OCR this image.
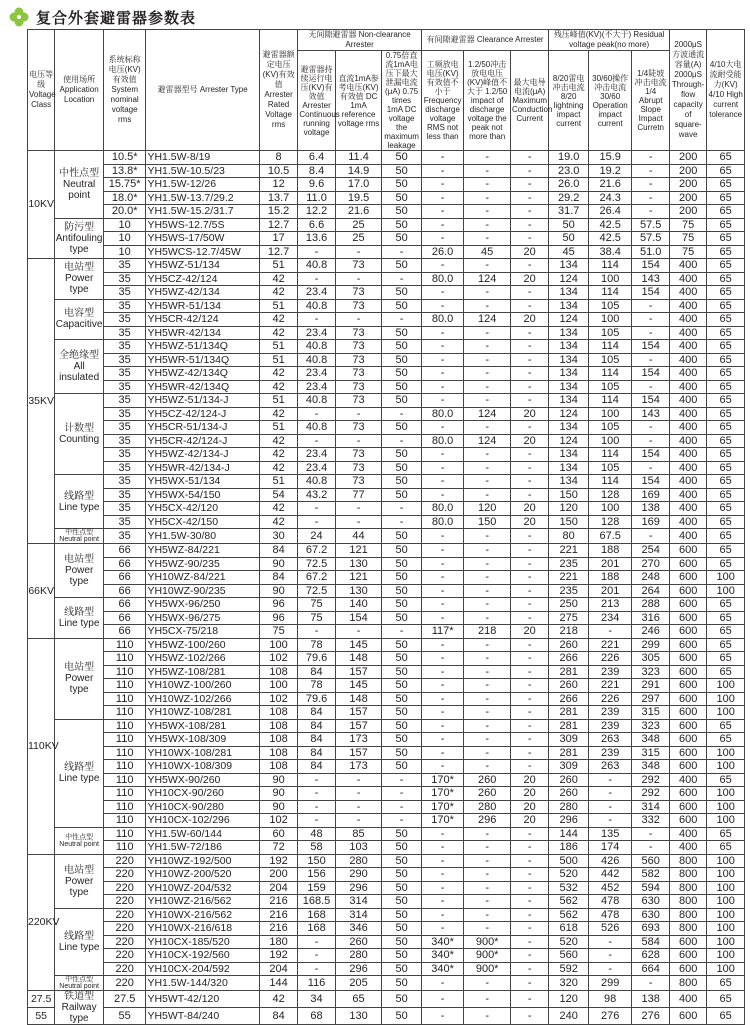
复合外套避雷器参数表
电压等级 Voltage Class	使用场所 Application Location	系统标称电压(KV)有效值 System nominal voltage rms	避雷器型号 Arrester Type	避雷器额定电压(KV)有效值 Arrester Rated Voltage rms	无间隙避雷器 Non-clearance Arrester			有间隙避雷器 Clearance Arrester			残压峰值(KV)(不大于) Residual voltage peak(no more)			2000μS方波通流容量(A) 2000μS Through-flow capacity of square-wave	4/10大电流耐受能力(KV) 4/10 High current tolerance
					避雷器持续运行电压(KV)有效值 Arrester Continuous running voltage	直流1mA参考电压(KV)有效值 DC 1mA reference voltage rms	0.75倍直流1mA电压下最大泄漏电流(μA) 0.75 times 1mA DC voltage the maximum leakage	工频放电电压(KV)有效值不小于 Frequency discharge voltage RMS not less than	1.2/50冲击放电电压(KV)峰值不大于 1.2/50 impact of discharge voltage the peak not more than	最大电导电流(μA) Maximum Conduction Current	8/20雷电冲击电流 8/20 lightning impact current	30/60操作冲击电流 30/60 Operation impact current	1/4陡坡冲击电流 1/4 Abrupt Slope Impact Curretn		
10KV	中性点型 Neutral point	10.5*	YH1.5W-8/19	8	6.4	11.4	50	-	-	-	19.0	15.9	-	200	65
		13.8*	YH1.5W-10.5/23	10.5	8.4	14.9	50	-	-	-	23.0	19.2	-	200	65
		15.75*	YH1.5W-12/26	12	9.6	17.0	50	-	-	-	26.0	21.6	-	200	65
		18.0*	YH1.5W-13.7/29.2	13.7	11.0	19.5	50	-	-	-	29.2	24.3	-	200	65
		20.0*	YH1.5W-15.2/31.7	15.2	12.2	21.6	50	-	-	-	31.7	26.4	-	200	65
	防污型 Antifouling type	10	YH5WS-12.7/5S	12.7	6.6	25	50	-	-	-	50	42.5	57.5	75	65
		10	YH5WS-17/50W	17	13.6	25	50	-	-	-	50	42.5	57.5	75	65
		10	YH5WCS-12.7/45W	12.7	-	-	-	26.0	45	20	45	38.4	51.0	75	65
35KV	电站型 Power type	35	YH5WZ-51/134	51	40.8	73	50	-	-	-	134	114	154	400	65
		35	YH5CZ-42/124	42	-	-	-	80.0	124	20	124	100	143	400	65
		35	YH5WZ-42/134	42	23.4	73	50	-	-	-	134	114	154	400	65
	电容型 Capacitive	35	YH5WR-51/134	51	40.8	73	50	-	-	-	134	105	-	400	65
		35	YH5CR-42/124	42	-	-	-	80.0	124	20	124	100	-	400	65
		35	YH5WR-42/134	42	23.4	73	50	-	-	-	134	105	-	400	65
	全绝缘型 All insulated	35	YH5WZ-51/134Q	51	40.8	73	50	-	-	-	134	114	154	400	65
		35	YH5WR-51/134Q	51	40.8	73	50	-	-	-	134	105	-	400	65
		35	YH5WZ-42/134Q	42	23.4	73	50	-	-	-	134	114	154	400	65
		35	YH5WR-42/134Q	42	23.4	73	50	-	-	-	134	105	-	400	65
	计数型 Counting	35	YH5WZ-51/134-J	51	40.8	73	50	-	-	-	134	114	154	400	65
		35	YH5CZ-42/124-J	42	-	-	-	80.0	124	20	124	100	143	400	65
		35	YH5CR-51/134-J	51	40.8	73	50	-	-	-	134	105	-	400	65
		35	YH5CR-42/124-J	42	-	-	-	80.0	124	20	124	100	-	400	65
		35	YH5WZ-42/134-J	42	23.4	73	50	-	-	-	134	114	154	400	65
		35	YH5WR-42/134-J	42	23.4	73	50	-	-	-	134	105	-	400	65
	线路型 Line type	35	YH5WX-51/134	51	40.8	73	50	-	-	-	134	114	154	400	65
		35	YH5WX-54/150	54	43.2	77	50	-	-	-	150	128	169	400	65
		35	YH5CX-42/120	42	-	-	-	80.0	120	20	120	100	138	400	65
		35	YH5CX-42/150	42	-	-	-	80.0	150	20	150	128	169	400	65
	中性点型 Neutral point	35	YH1.5W-30/80	30	24	44	50	-	-	-	80	67.5	-	400	65
66KV	电站型 Power type	66	YH5WZ-84/221	84	67.2	121	50	-	-	-	221	188	254	600	65
		66	YH5WZ-90/235	90	72.5	130	50	-	-	-	235	201	270	600	65
		66	YH10WZ-84/221	84	67.2	121	50	-	-	-	221	188	248	600	100
		66	YH10WZ-90/235	90	72.5	130	50	-	-	-	235	201	264	600	100
	线路型 Line type	66	YH5WX-96/250	96	75	140	50	-	-	-	250	213	288	600	65
		66	YH5WX-96/275	96	75	154	50	-	-	-	275	234	316	600	65
		66	YH5CX-75/218	75	-	-	-	117*	218	20	218	-	246	600	65
110KV	电站型 Power type	110	YH5WZ-100/260	100	78	145	50	-	-	-	260	221	299	600	65
		110	YH5WZ-102/266	102	79.6	148	50	-	-	-	266	226	305	600	65
		110	YH5WZ-108/281	108	84	157	50	-	-	-	281	239	323	600	65
		110	YH10WZ-100/260	100	78	145	50	-	-	-	260	221	291	600	100
		110	YH10WZ-102/266	102	79.6	148	50	-	-	-	266	226	297	600	100
		110	YH10WZ-108/281	108	84	157	50	-	-	-	281	239	315	600	100
	线路型 Line type	110	YH5WX-108/281	108	84	157	50	-	-	-	281	239	323	600	65
		110	YH5WX-108/309	108	84	173	50	-	-	-	309	263	348	600	65
		110	YH10WX-108/281	108	84	157	50	-	-	-	281	239	315	600	100
		110	YH10WX-108/309	108	84	173	50	-	-	-	309	263	348	600	100
		110	YH5WX-90/260	90	-	-	-	170*	260	20	260	-	292	400	65
		110	YH10CX-90/260	90	-	-	-	170*	260	20	260	-	292	600	100
		110	YH10CX-90/280	90	-	-	-	170*	280	20	280	-	314	600	100
		110	YH10CX-102/296	102	-	-	-	170*	296	20	296	-	332	600	100
	中性点型 Neutral point	110	YH1.5W-60/144	60	48	85	50	-	-	-	144	135	-	400	65
		110	YH1.5W-72/186	72	58	103	50	-	-	-	186	174	-	400	65
220KV	电站型 Power type	220	YH10WZ-192/500	192	150	280	50	-	-	-	500	426	560	800	100
		220	YH10WZ-200/520	200	156	290	50	-	-	-	520	442	582	800	100
		220	YH10WZ-204/532	204	159	296	50	-	-	-	532	452	594	800	100
		220	YH10WZ-216/562	216	168.5	314	50	-	-	-	562	478	630	800	100
	线路型 Line type	220	YH10WX-216/562	216	168	314	50	-	-	-	562	478	630	800	100
		220	YH10WX-216/618	216	168	346	50	-	-	-	618	526	693	800	100
		220	YH10CX-185/520	180	-	260	50	340*	900*	-	520	-	584	600	100
		220	YH10CX-192/560	192	-	280	50	340*	900*	-	560	-	628	600	100
		220	YH10CX-204/592	204	-	296	50	340*	900*	-	592	-	664	600	100
	中性点型 Neutral point	220	YH1.5W-144/320	144	116	205	50	-	-	-	320	299	-	800	65
27.5	铁道型 Railway type	27.5	YH5WT-42/120	42	34	65	50	-	-	-	120	98	138	400	65
55		55	YH5WT-84/240	84	68	130	50	-	-	-	240	276	276	600	65
